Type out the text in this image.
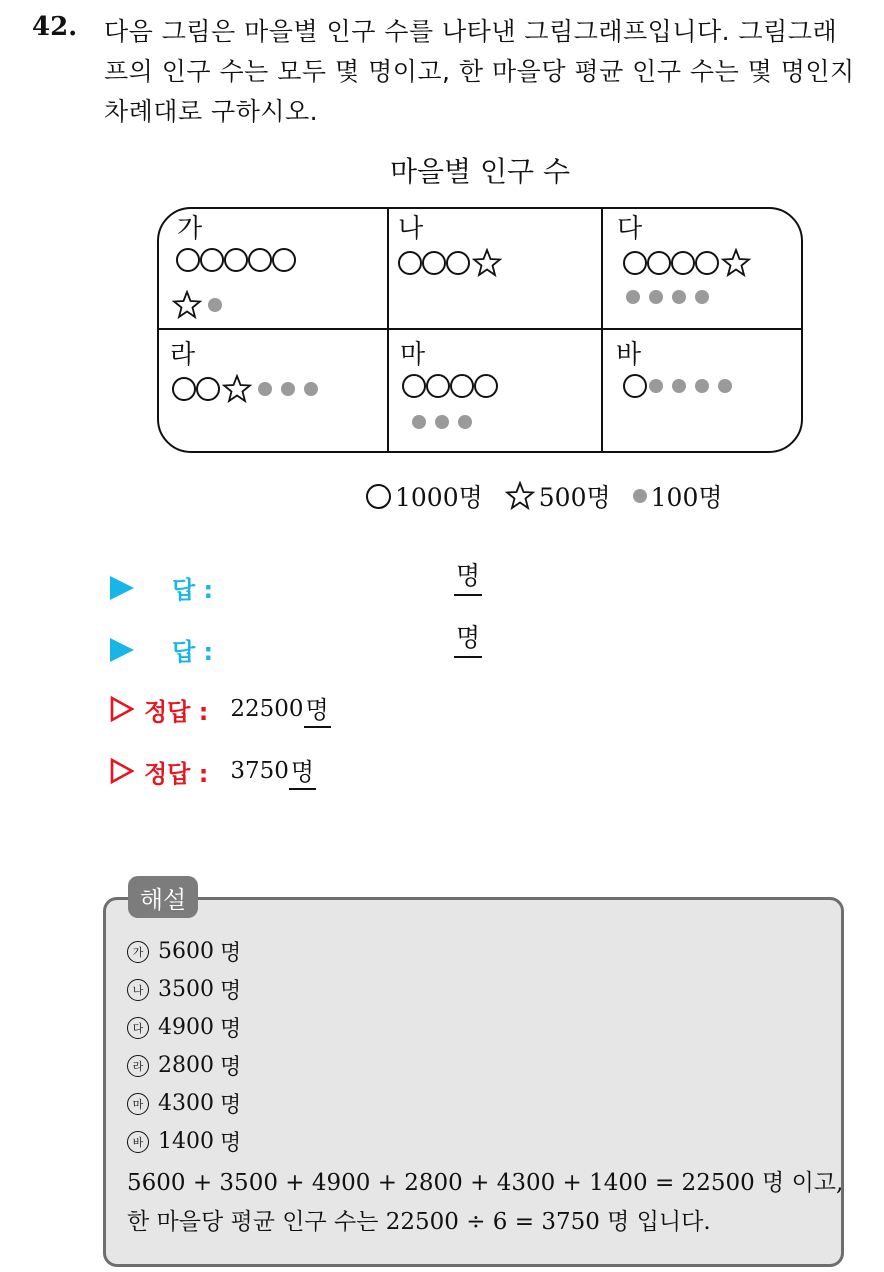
42. 다음 그림은 마을별 인구 수를 나타낸 그림그래프입니다. 그림그래
프의 인구 수는 모두 몇 명이고, 한 마을당 평균 인구 수는 몇 명인지
차례대로 구하시오.
마을별 인구 수
가	나	다
라	마	바
1000명 500명 100명
답 :	명
답 :	명
정답 : 22500 명
정답 : 3750 명
해설
가 5600 명
나 3500 명
다 4900 명
라 2800 명
마 4300 명
바 1400 명
5600 + 3500 + 4900 + 2800 + 4300 + 1400 = 22500 명 이고,
한 마을당 평균 인구 수는 22500 ÷ 6 = 3750 명 입니다.
